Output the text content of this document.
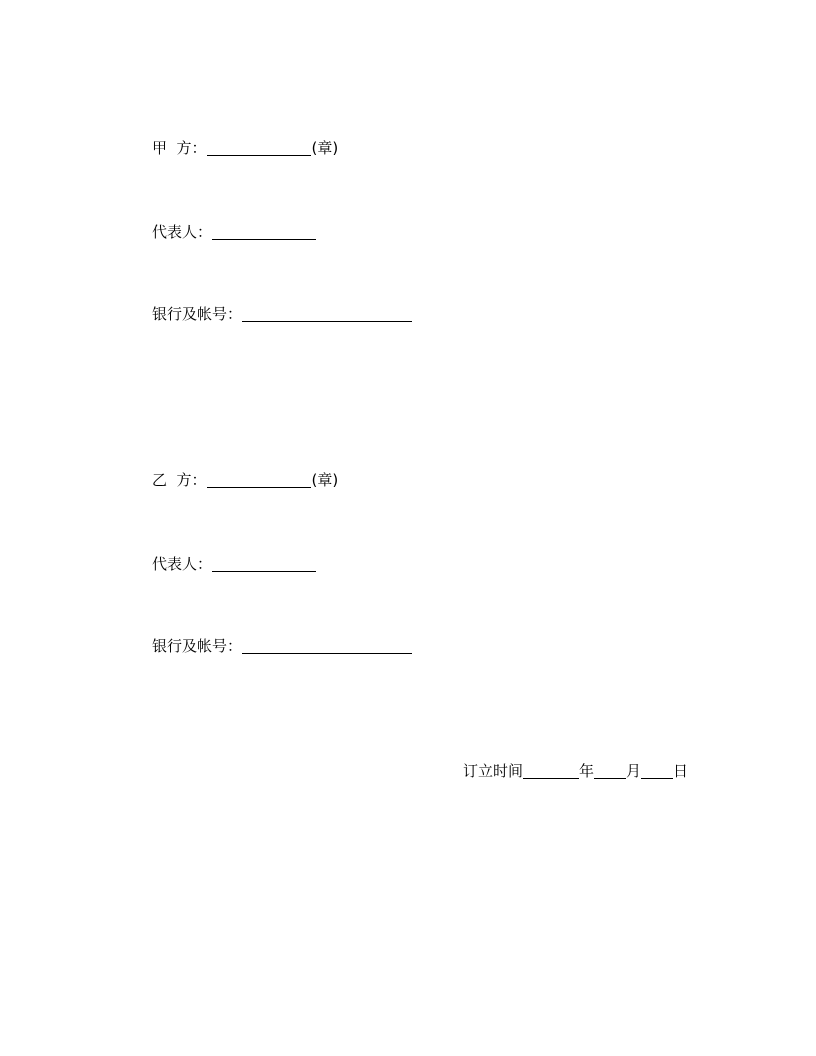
甲  方：	(章)
代表人：
银行及帐号：
乙  方：	(章)
代表人：
银行及帐号：
订立时间	年 月 日
